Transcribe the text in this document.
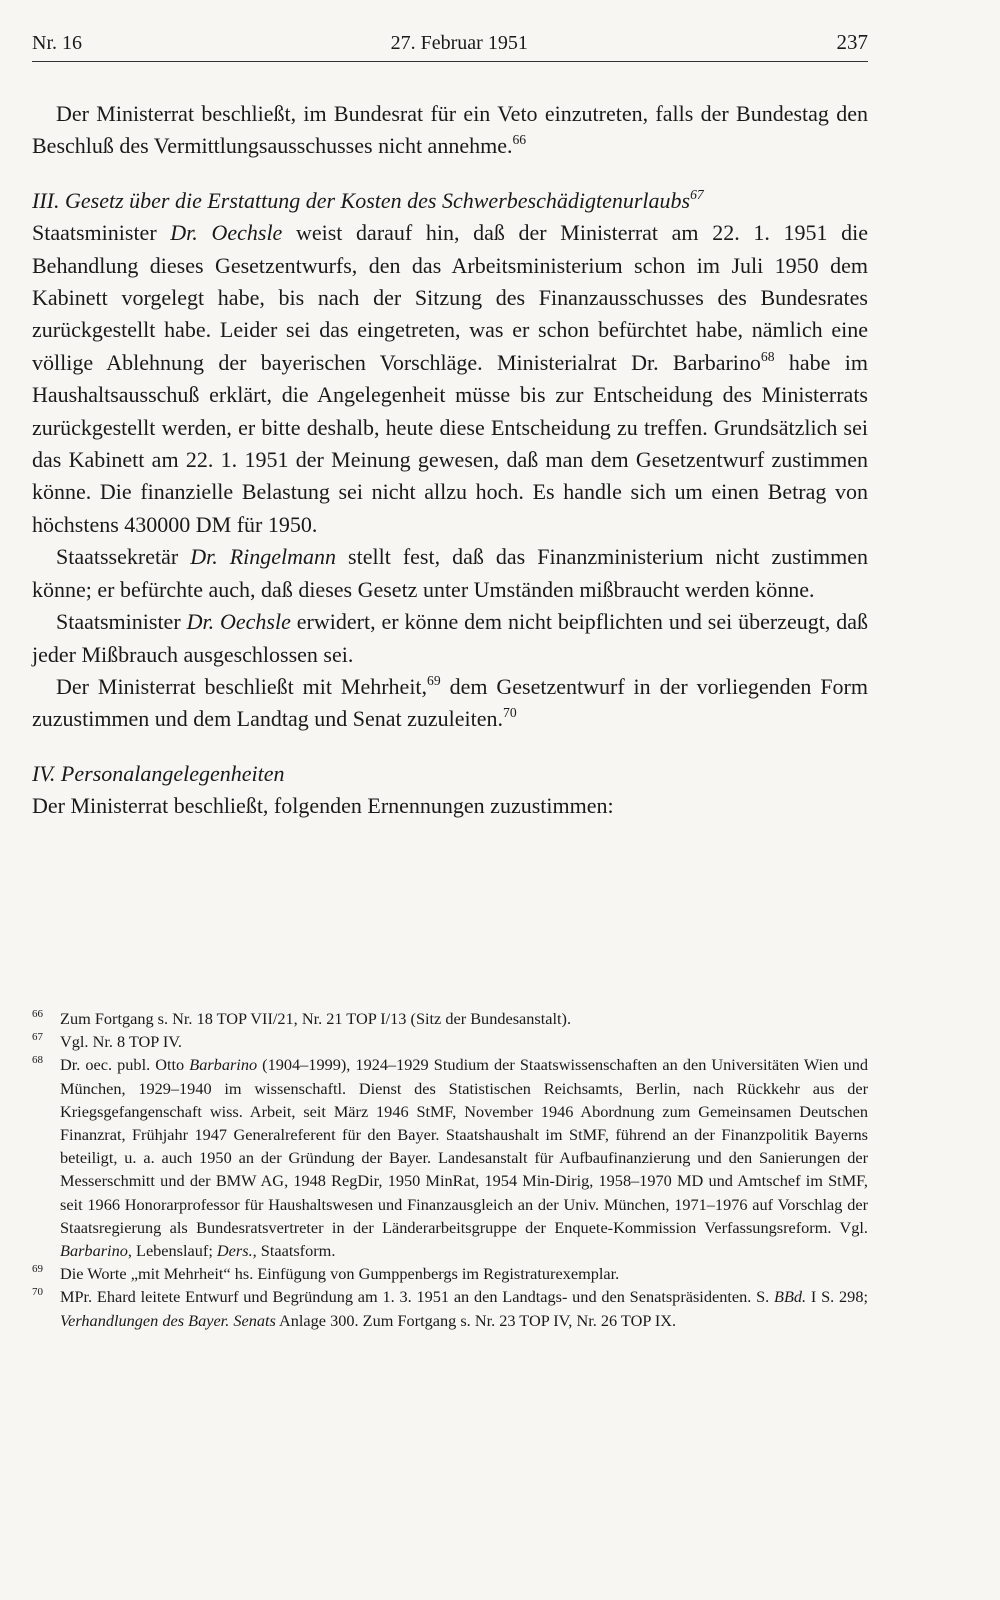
Nr. 16	27. Februar 1951	237

Der Ministerrat beschließt, im Bundesrat für ein Veto einzutreten, falls der Bundestag den Beschluß des Vermittlungsausschusses nicht annehme.$^{66}$

III. Gesetz über die Erstattung der Kosten des Schwerbeschädigtenurlaubs$^{67}$

Staatsminister Dr. Oechsle weist darauf hin, daß der Ministerrat am 22. 1. 1951 die Behandlung dieses Gesetzentwurfs, den das Arbeitsministerium schon im Juli 1950 dem Kabinett vorgelegt habe, bis nach der Sitzung des Finanzausschusses des Bundesrates zurückgestellt habe. Leider sei das eingetreten, was er schon befürchtet habe, nämlich eine völlige Ablehnung der bayerischen Vorschläge. Ministerialrat Dr. Barbarino$^{68}$ habe im Haushaltsausschuß erklärt, die Angelegenheit müsse bis zur Entscheidung des Ministerrats zurückgestellt werden, er bitte deshalb, heute diese Entscheidung zu treffen. Grundsätzlich sei das Kabinett am 22. 1. 1951 der Meinung gewesen, daß man dem Gesetzentwurf zustimmen könne. Die finanzielle Belastung sei nicht allzu hoch. Es handle sich um einen Betrag von höchstens 430000 DM für 1950.

Staatssekretär Dr. Ringelmann stellt fest, daß das Finanzministerium nicht zustimmen könne; er befürchte auch, daß dieses Gesetz unter Umständen mißbraucht werden könne.

Staatsminister Dr. Oechsle erwidert, er könne dem nicht beipflichten und sei überzeugt, daß jeder Mißbrauch ausgeschlossen sei.

Der Ministerrat beschließt mit Mehrheit,$^{69}$ dem Gesetzentwurf in der vorliegenden Form zuzustimmen und dem Landtag und Senat zuzuleiten.$^{70}$

IV. Personalangelegenheiten

Der Ministerrat beschließt, folgenden Ernennungen zuzustimmen:

66	Zum Fortgang s. Nr. 18 TOP VII/21, Nr. 21 TOP I/13 (Sitz der Bundesanstalt).
67	Vgl. Nr. 8 TOP IV.
68	Dr. oec. publ. Otto Barbarino (1904–1999), 1924–1929 Studium der Staatswissenschaften an den Universitäten Wien und München, 1929–1940 im wissenschaftl. Dienst des Statistischen Reichsamts, Berlin, nach Rückkehr aus der Kriegsgefangenschaft wiss. Arbeit, seit März 1946 StMF, November 1946 Abordnung zum Gemeinsamen Deutschen Finanzrat, Frühjahr 1947 Generalreferent für den Bayer. Staatshaushalt im StMF, führend an der Finanzpolitik Bayerns beteiligt, u. a. auch 1950 an der Gründung der Bayer. Landesanstalt für Aufbaufinanzierung und den Sanierungen der Messerschmitt und der BMW AG, 1948 RegDir, 1950 MinRat, 1954 Min-Dirig, 1958–1970 MD und Amtschef im StMF, seit 1966 Honorarprofessor für Haushaltswesen und Finanzausgleich an der Univ. München, 1971–1976 auf Vorschlag der Staatsregierung als Bundesratsvertreter in der Länderarbeitsgruppe der Enquete-Kommission Verfassungsreform. Vgl. Barbarino, Lebenslauf; Ders., Staatsform.
69	Die Worte „mit Mehrheit“ hs. Einfügung von Gumppenbergs im Registraturexemplar.
70	MPr. Ehard leitete Entwurf und Begründung am 1. 3. 1951 an den Landtags- und den Senatspräsidenten. S. BBd. I S. 298; Verhandlungen des Bayer. Senats Anlage 300. Zum Fortgang s. Nr. 23 TOP IV, Nr. 26 TOP IX.
